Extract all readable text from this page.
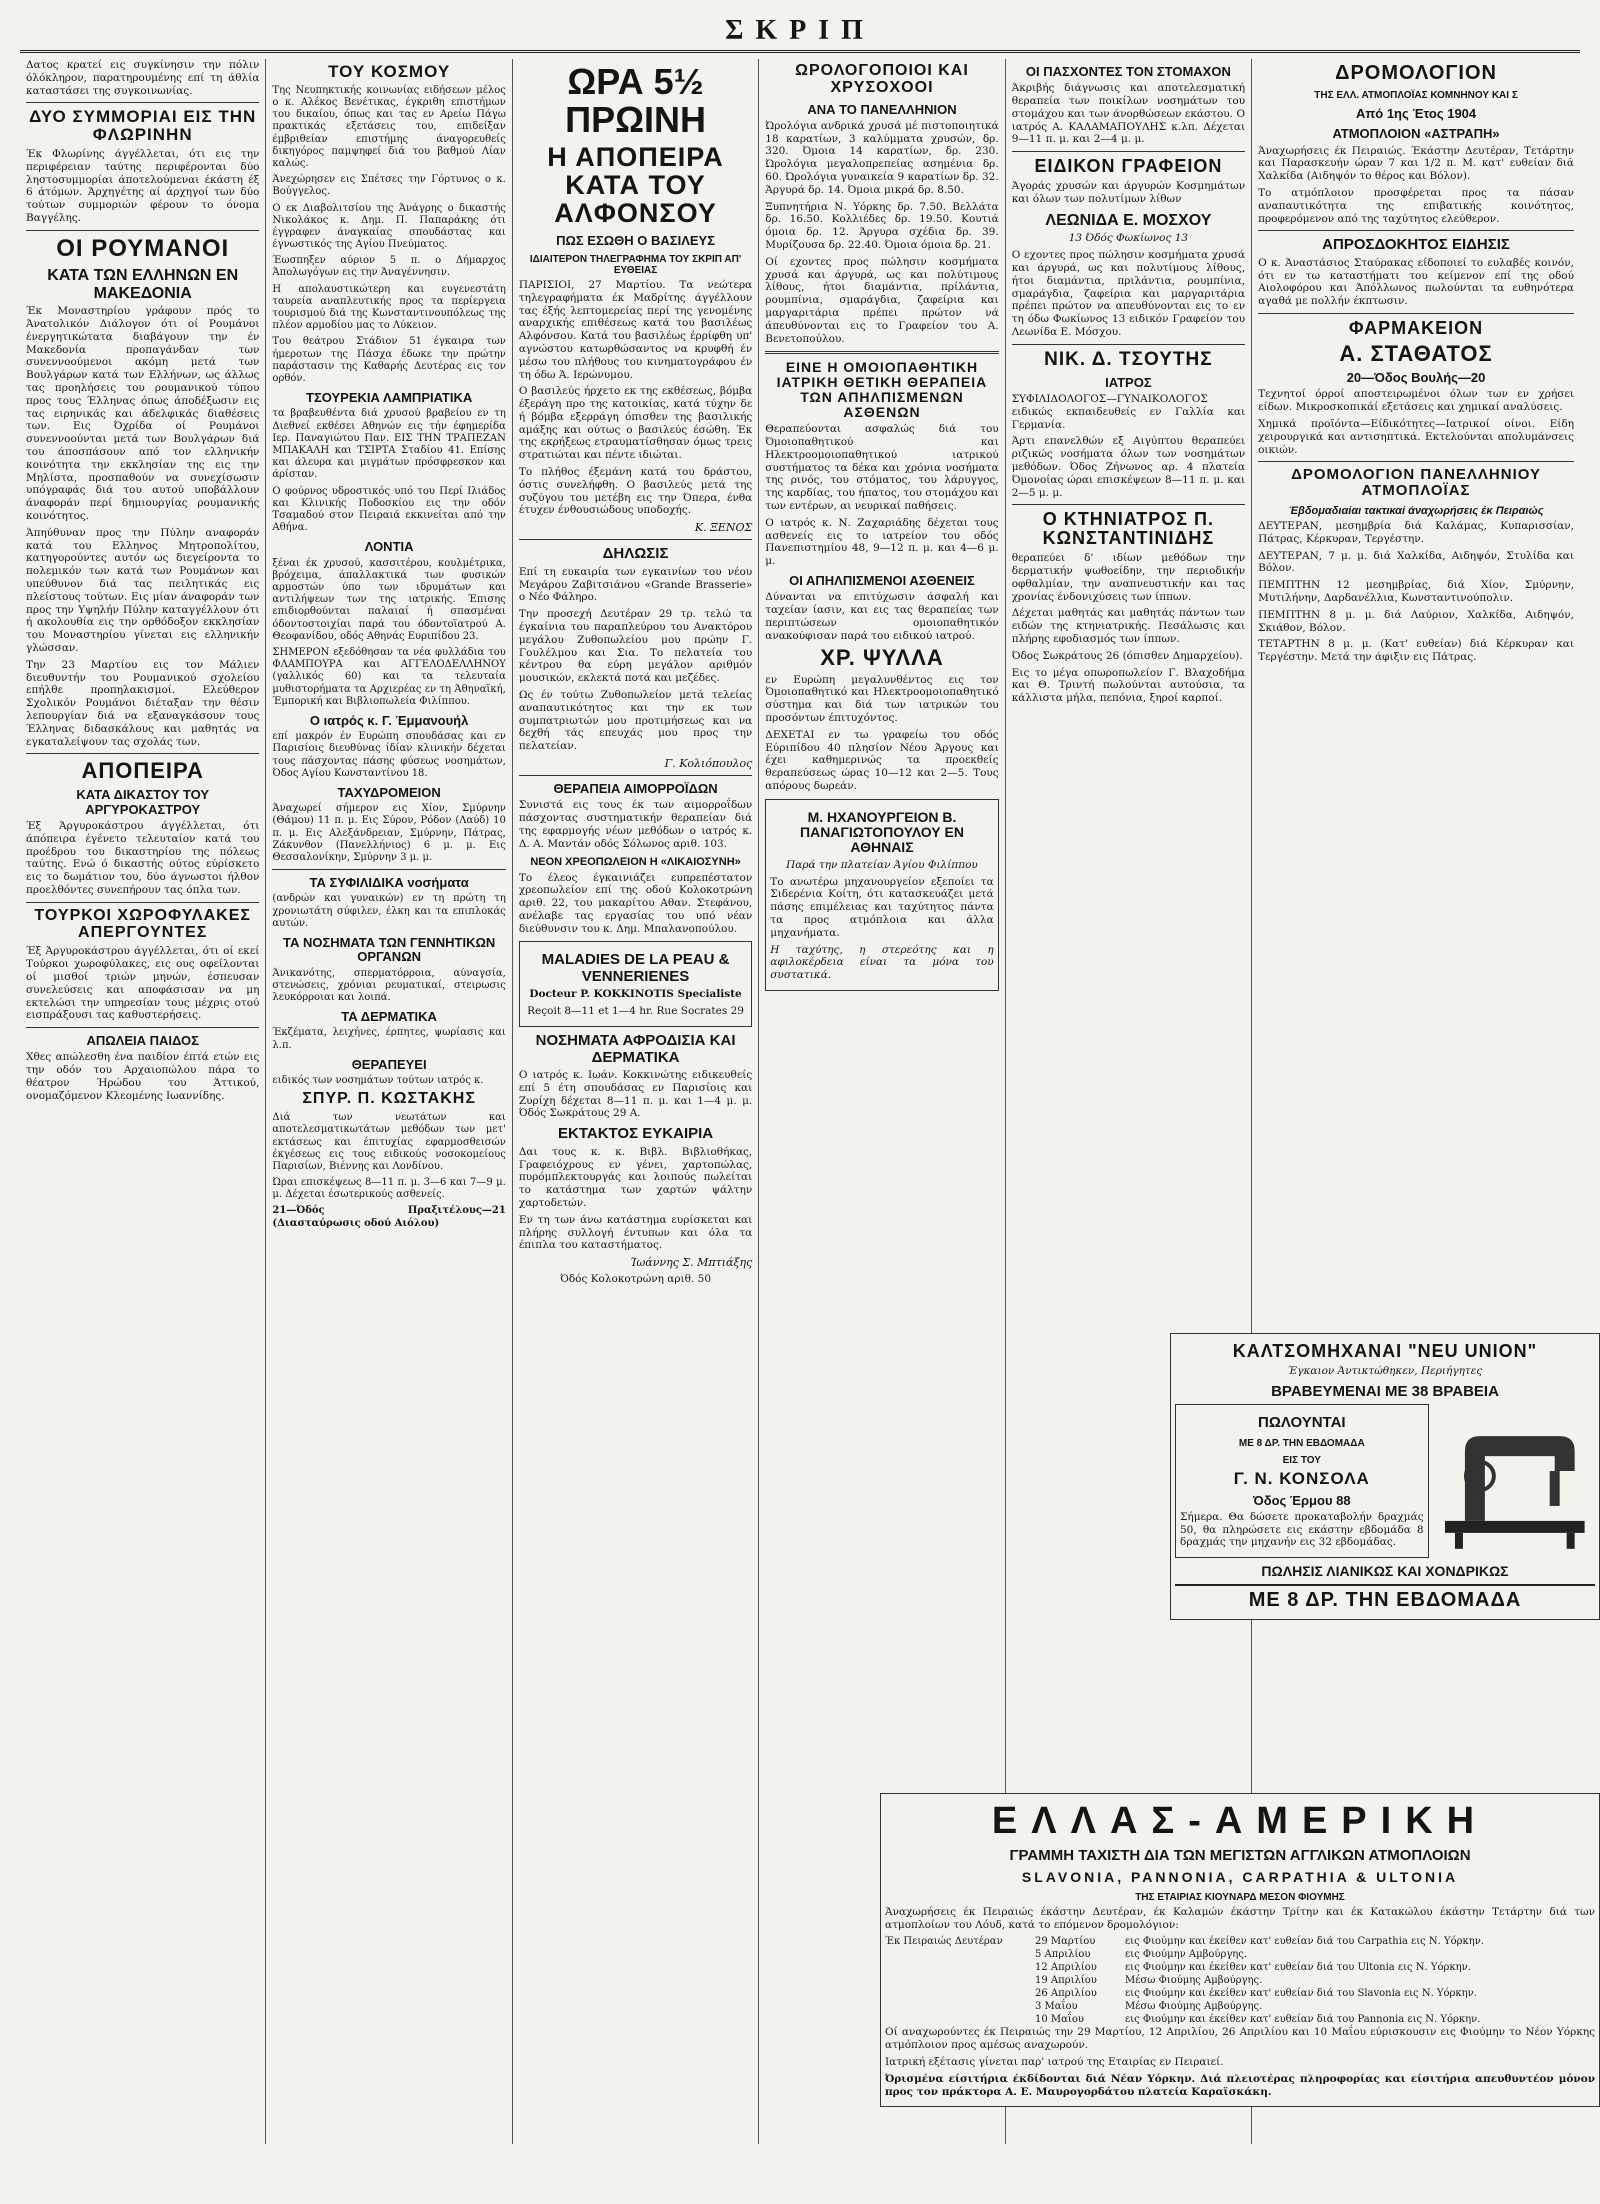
ΣΚΡΙΠ

Δατος κρατεί εις συγκίνησιν την πόλιν όλόκληρον, παρατηρουμένης επί τη άθλία καταστάσει της συγκοινωνίας.

ΔΥΟ ΣΥΜΜΟΡΙΑΙ ΕΙΣ ΤΗΝ ΦΛΩΡΙΝΗΝ

Έκ Φλωρίνης άγγέλλεται, ότι εις την περιφέρειαν ταύτης περιφέρονται δύο ληστοσυμμορίαι άποτελούμεναι έκάστη έξ 6 άτόμων. Άρχηγέτης αί άρχηγοί των δύο τούτων συμμοριών φέρουν το όνομα Βαγγέλης.

ΟΙ ΡΟΥΜΑΝΟΙ
ΚΑΤΑ ΤΩΝ ΕΛΛΗΝΩΝ ΕΝ ΜΑΚΕΔΟΝΙΑ

Έκ Μοναστηρίου γράφουν πρός το Άνατολικόν Διάλογον ότι οί Ρουμάνοι ένεργητικώτατα διαβάγουν την έν Μακεδονία προπαγάνδαν των συνεννοούμενοι ακόμη μετά των Βουλγάρων κατά των Ελλήνων, ως άλλως τας προηλήσεις του ρουμανικού τύπου προς τους Έλληνας όπως άποδέξωσιν εις τας ειρηνικάς και άδελφικάς διαθέσεις των. Εις Όχρίδα οί Ρουμάνοι συνεννοούνται μετά των Βουλγάρων διά του άποσπάσουν από τον ελληνικήν κοινότητα την εκκλησίαν της εις την Μηλίστα, προσπαθούν να συνεχίσωσιν υπόγραφάς διά του αυτού υποβάλλουν άναφοράν περί δημιουργίας ρουμανικής κοινότητος.

Άπηύθυναν προς την Πύλην αναφοράν κατά του Ελληνος Μητροπολίτου, κατηγορούντες αυτόν ως διεγείροντα το πολεμικόν των κατά των Ρουμάνων και υπεύθυνον διά τας πειλητικάς εις πλείστους τούτων. Εις μίαν άναφοράν των προς την Υψηλήν Πύλην καταγγέλλουν ότι ή ακολουθία εις την ορθόδοξον εκκλησίαν του Μοναστηρίου γίνεται εις ελληνικήν γλώσσαν.

Την 23 Μαρτίου εις τον Μάλιεν διευθυντήν του Ρουμανικού σχολείου επήλθε προπηλακισμοί. Ελεύθερον Σχολικόν Ρουμάνοι διέταξαν την θέσιν λεπουργίαν διά να εξαναγκάσουν τους Έλληνας διδασκάλους και μαθητάς να εγκαταλείψουν τας σχολάς των.

ΑΠΟΠΕΙΡΑ
ΚΑΤΑ ΔΙΚΑΣΤΟΥ ΤΟΥ ΑΡΓΥΡΟΚΑΣΤΡΟΥ

Έξ Άργυροκάστρου άγγέλλεται, ότι άπόπειρα έγένετο τελευταίον κατά του προέδρου του δικαστηρίου της πόλεως ταύτης. Ενώ ό δικαστής ούτος εύρίσκετο εις το δωμάτιον του, δύο άγνωστοι ήλθον προελθόντες συνεπήρουν τας όπλα των.

ΤΟΥΡΚΟΙ ΧΩΡΟΦΥΛΑΚΕΣ ΑΠΕΡΓΟΥΝΤΕΣ

Έξ Άργυροκάστρου άγγέλλεται, ότι οί εκεί Τούρκοι χωροφύλακες, εις ους οφείλονται οί μισθοί τριών μηνών, έσπευσαν συνελεύσεις και αποφάσισαν να μη εκτελώσι την υπηρεσίαν τους μέχρις οτού εισπράξουσι τας καθυστερήσεις.

ΑΠΩΛΕΙΑ ΠΑΙΔΟΣ

Χθες απώλεσθη ένα παιδίον έπτά ετών εις την οδόν του Αρχαιοπώλου πάρα το θέατρον Ήρώδου του Άττικού, ονομαζόμενον Κλεομένης Ιωαννίδης.

ΤΟΥ ΚΟΣΜΟΥ

Της Νευπηκτικής κοινωνίας ειδήσεων μέλος ο κ. Αλέκος Βενέτικας, έγκριθη επιστήμων του δικαίου, όπως και τας εν Αρείω Πάγω πρακτικάς εξετάσεις του, επιδείξαν έμβριθείαν επιστήμης άναγορευθείς δικηγόρος παμψηφεί διά του βαθμού Λίαν καλώς.

Άνεχώρησεν εις Σπέτσες την Γόρτυνος ο κ. Βούγγελος.

Ο εκ Διαβολιτσίου της Άνάγρης ο δικαστής Νικολάκος κ. Δημ. Π. Παπαράκης ότι έγγραφεν άναγκαίας σπουδάστας και έγνωστικός της Αγίου Πνεύματος.

Έωσπηξεν αύριον 5 π. ο Δήμαρχος Άπολωγόγων εις την Άναγέννησιν.

Η απολαυστικώτερη και ευγενεστάτη ταυρεία αναπλευτικής προς τα περίεργεια τουρισμού διά της Κωνσταντινουπόλεως της πλέον αρμοδίου μας το Λύκειον.

Του θεάτρου Στάδιον 51 έγκαιρα των ήμεροτων της Πάσχα έδωκε την πρώτην παράστασιν της Καθαρής Δευτέρας εις τον ορθόν.

ΤΣΟΥΡΕΚΙΑ ΛΑΜΠΡΙΑΤΙΚΑ

τα βραβευθέντα διά χρυσού βραβείου εν τη Διεθνεί εκθέσει Αθηνών εις τήν έφημερίδα Ιερ. Παναγιώτου Παν. ΕΙΣ ΤΗΝ ΤΡΑΠΕΖΑΝ ΜΠΑΚΑΛΗ και ΤΣΙΡΤΑ Σταδίου 41. Επίσης και άλευρα και μιγμάτων πρόσφρεσκον και άρίσταν.

Ο φούρνος υδροστικός υπό του Περί Ιλιάδος και Κλινικής Ποδοσκίου εις την οδόν Τσαμαδού στον Πειραιά εκκινείται από την Αθήνα.

ΛΟΝΤΙΑ

ξέναι έκ χρυσού, κασσιτέρου, κουλμέτρικα, βρόχειμα, άπαλλακτικά των φυσικών αρμοστών ύπο των ιδρυμάτων και αντιλήψεων των της ιατρικής. Έπισης επιδιορθούνται παλαιαί ή σπασμέναι όδοντοστοιχίαι παρά του όδοντοϊατρού Α. Θεοφανίδου, οδός Αθηνάς Ευριπίδου 23.

ΣΗΜΕΡΟΝ εξεδόθησαν τα νέα φυλλάδια του ΦΛΑΜΠΟΥΡΑ και ΑΓΓΕΛΟΔΕΛΛΗΝΟΥ (γαλλικός 60) και τα τελευταία μυθιστορήματα τα Αρχιερέας εν τη Άθηναϊκή, Έμπορική και Βιβλιοπωλεία Φιλίππου.

Ο ιατρός κ. Γ. Έμμανουήλ

επί μακρόν έν Ευρώπη σπουδάσας και εν Παρισίοις διευθύνας ίδίαν κλινικήν δέχεται τους πάσχοντας πάσης φύσεως νοσημάτων, Όδος Αγίου Κωνσταντίνου 18.

ΤΑΧΥΔΡΟΜΕΙΟΝ

Άναχωρεί σήμερον εις Χίον, Σμύρνην (Θάμου) 11 π. μ. Εις Σύρον, Ρόδον (Λαύδ) 10 π. μ. Εις Αλεξάνδρειαν, Σμύρνην, Πάτρας, Ζάκυνθον (Πανελλήνιος) 6 μ. μ. Εις Θεσσαλονίκην, Σμύρνην 3 μ. μ.

ΤΑ ΣΥΦΙΛΙΔΙΚΑ νοσήματα

(ανδρών και γυναικών) εν τη πρώτη τη χρονιωτάτη σύφιλεν, έλκη και τα επιπλοκάς αυτών.

ΤΑ ΝΟΣΗΜΑΤΑ ΤΩΝ ΓΕΝΝΗΤΙΚΩΝ ΟΡΓΑΝΩΝ

Άνικανότης, σπερματόρροια, αύναγσία, στενώσεις, χρόνιαι ρευματικαί, στειρωσις λευκόρροιαι και λοιπά.

ΤΑ ΔΕΡΜΑΤΙΚΑ

Έκζέματα, λειχήνες, έρπητες, ψωρίασις και λ.π.

ΘΕΡΑΠΕΥΕΙ

ειδικός των νοσημάτων τούτων ιατρός κ.

ΣΠΥΡ. Π. ΚΩΣΤΑΚΗΣ

Διά των νεωτάτων και αποτελεσματικωτάτων μεθόδων των μετ' εκτάσεως και έπιτυχίας εφαρμοσθεισών έκγέσεως εις τους ειδικούς νοσοκομείους Παρισίων, Βιέννης και Λονδίνου.

Ώραι επισκέψεως 8—11 π. μ. 3—6 και 7—9 μ. μ. Δέχεται έσωτερικούς ασθενείς.

21—Όδός Πραξιτέλους—21 (Διασταύρωσις οδού Αιόλου)

ΩΡΑ 5½ ΠΡΩΙΝΗ
Η ΑΠΟΠΕΙΡΑ ΚΑΤΑ ΤΟΥ ΑΛΦΟΝΣΟΥ
ΠΩΣ ΕΣΩΘΗ Ο ΒΑΣΙΛΕΥΣ
ΙΔΙΑΙΤΕΡΟΝ ΤΗΛΕΓΡΑΦΗΜΑ ΤΟΥ ΣΚΡΙΠ ΑΠ' ΕΥΘΕΙΑΣ

ΠΑΡΙΣΙΟΙ, 27 Μαρτίου. Τα νεώτερα τηλεγραφήματα έκ Μαδρίτης άγγέλλουν τας έξής λεπτομερείας περί της γενομένης αναρχικής επιθέσεως κατά του βασιλέως Αλφόνσου. Κατά του βασιλέως έρρίφθη υπ' αγνώστου κατωρθώσαντος να κρυφθή έν μέσω του πλήθους του κινηματογράφου έν τη όδω Ά. Ιερώνυμου.

Ο βασιλεύς ήρχετο εκ της εκθέσεως, βόμβα έξεράγη προ της κατοικίας, κατά τύχην δε ή βόμβα εξερράγη όπισθεν της βασιλικής αμάξης και ούτως ο βασιλεύς έσώθη. Έκ της εκρήξεως ετραυματίσθησαν όμως τρεις στρατιώται και πέντε ιδιώται.

Το πλήθος έξεμάνη κατά του δράστου, όστις συνελήφθη. Ο βασιλεύς μετά της συζύγου του μετέβη εις την Όπερα, ένθα έτυχεν ένθουσιώδους υποδοχής.

Κ. ΞΕΝΟΣ
ΔΗΛΩΣΙΣ

Επί τη ευκαιρία των εγκαινίων του νέου Μεγάρου Ζαβιτσιάνου «Grande Brasserie» ο Νέο Φάληρο.

Την προσεχή Δευτέραν 29 τρ. τελώ τα έγκαίνια του παραπλεύρου του Ανακτόρου μεγάλου Ζυθοπωλείου μου πρώην Γ. Γουλέλμου και Σια. Το πελατεία του κέντρου θα εύρη μεγάλον αριθμόν μουσικών, εκλεκτά ποτά και μεζέδες.

Ως έν τούτω Ζυθοπωλείον μετά τελείας αναπαυτικότητος και την εκ των συμπατριωτών μου προτιμήσεως και να δεχθή τάς επευχάς μου προς την πελατείαν.

Γ. Κολιόπουλος
ΘΕΡΑΠΕΙΑ ΑΙΜΟΡΡΟΪΔΩΝ

Συνιστά εις τους έκ των αιμορροΐδων πάσχοντας συστηματικήν θεραπείαν διά της εφαρμογής νέων μεθόδων ο ιατρός κ. Δ. Α. Μαντάν οδός Σόλωνος αριθ. 103.

ΝΕΟΝ ΧΡΕΟΠΩΛΕΙΟΝ Η «ΛΙΚΑΙΟΣΥΝΗ»

Το έλεος έγκαινιάζει ευπρεπέστατον χρεοπωλείον επί της οδού Κολοκοτρώνη αριθ. 22, του μακαρίτου Αθαν. Στεφάνου, ανέλαβε τας εργασίας του υπό νέαν διεύθυνσιν του κ. Δημ. Μπαλανοπούλου.

MALADIES DE LA PEAU & VENNERIENES

Docteur P. KOKKINOTIS Specialiste

Reçoit 8—11 et 1—4 hr. Rue Socrates 29

ΝΟΣΗΜΑΤΑ ΑΦΡΟΔΙΣΙΑ ΚΑΙ ΔΕΡΜΑΤΙΚΑ

Ο ιατρός κ. Ιωάν. Κοκκινώτης ειδικευθείς επί 5 έτη σπουδάσας εν Παρισίοις και Ζυρίχη δέχεται 8—11 π. μ. και 1—4 μ. μ. Όδός Σωκράτους 29 Α.

ΕΚΤΑΚΤΟΣ ΕΥΚΑΙΡΙΑ

Δαι τους κ. κ. Βιβλ. Βιβλιοθήκας, Γραφειόχρους εν γένει, χαρτοπώλας, πυρόμπλεκτουργάς και λοιπούς πωλείται το κατάστημα των χαρτών ψάλτην χαρτοδετών.

Εν τη των άνω κατάστημα ευρίσκεται και πλήρης συλλογή έντυπων και όλα τα έπιπλα του καταστήματος.

Ίωάννης Σ. Μπτιάξης

Όδός Κολοκοτρώνη αριθ. 50

ΩΡΟΛΟΓΟΠΟΙΟΙ ΚΑΙ ΧΡΥΣΟΧΟΟΙ
ΑΝΑ ΤΟ ΠΑΝΕΛΛΗΝΙΟΝ

Ώρολόγια ανδρικά χρυσά μέ πιστοποιητικά 18 καρατίων, 3 καλύμματα χρυσών, δρ. 320. Όμοια 14 καρατίων, δρ. 230. Ώρολόγια μεγαλοπρεπείας ασημένια δρ. 60. Ώρολόγια γυναικεία 9 καρατίων δρ. 32. Άργυρά δρ. 14. Όμοια μικρά δρ. 8.50.

Ξυπνητήρια Ν. Υόρκης δρ. 7.50. Βελλάτα δρ. 16.50. Κολλιέδες δρ. 19.50. Κουτιά όμοια δρ. 12. Άργυρα σχέδια δρ. 39. Μυρίζουσα δρ. 22.40. Όμοια όμοια δρ. 21.

Οί εχοντες προς πώλησιν κοσμήματα χρυσά και άργυρά, ως και πολύτιμους λίθους, ήτοι διαμάντια, πρίλάντια, ρουμπίνια, σμαράγδια, ζαφείρια και μαργαριτάρια πρέπει πρώτον νά άπευθύνονται εις το Γραφείον του Α. Βενετοπούλου.

ΕΙΝΕ Η ΟΜΟΙΟΠΑΘΗΤΙΚΗ ΙΑΤΡΙΚΗ ΘΕΤΙΚΗ ΘΕΡΑΠΕΙΑ ΤΩΝ ΑΠΗΛΠΙΣΜΕΝΩΝ ΑΣΘΕΝΩΝ

Θεραπεύονται ασφαλώς διά του Όμοιοπαθητικού και Ηλεκτροομοιοπαθητικού ιατρικού συστήματος τα δέκα και χρόνια νοσήματα της ρινός, του στόματος, του λάρυγγος, της καρδίας, του ήπατος, του στομάχου και των εντέρων, αι νευρικαί παθήσεις.

Ο ιατρός κ. Ν. Ζαχαριάδης δέχεται τους ασθενείς εις το ιατρείον του οδός Πανεπιστημίου 48, 9—12 π. μ. και 4—6 μ. μ.

ΟΙ ΑΠΗΛΠΙΣΜΕΝΟΙ ΑΣΘΕΝΕΙΣ

Δύνανται να επιτύχωσιν άσφαλή και ταχείαν ίασιν, και εις τας θεραπείας των περιπτώσεων ομοιοπαθητικόν ανακούφισαν παρά του ειδικού ιατρού.

ΧΡ. ΨΥΛΛΑ

εν Ευρώπη μεγαλυνθέντος εις τον Όμοιοπαθητικό και Ηλεκτροομοιοπαθητικό σύστημα και διά των ιατρικών του προσόντων έπιτυχόντος.

ΔΕΧΕΤΑΙ εν τω γραφείω του οδός Εύριπίδου 40 πλησίον Νέου Άργους και έχει καθημερινώς τα προεκθείς θεραπεύσεως ώρας 10—12 και 2—5. Τους απόρους δωρεάν.

Μ. ΗΧΑΝΟΥΡΓΕΙΟΝ Β. ΠΑΝΑΓΙΩΤΟΠΟΥΛΟΥ ΕΝ ΑΘΗΝΑΙΣ

Παρά την πλατείαν Άγίου Φιλίππου

Το ανωτέρω μηχανουργείον εξεποίει τα Σιδερένια Κοίτη, ότι κατασκευάζει μετά πάσης επιμέλειας και ταχύτητος πάντα τα προς ατμόπλοια και άλλα μηχανήματα.

Η ταχύτης, η στερεότης και η αφιλοκέρδεια είναι τα μόνα του συστατικά.

ΟΙ ΠΑΣΧΟΝΤΕΣ ΤΟΝ ΣΤΟΜΑΧΟΝ

Άκριβής διάγνωσις και αποτελεσματική θεραπεία των ποικίλων νοσημάτων του στομάχου και των άνορθώσεων εκάστου. Ο ιατρός Α. ΚΑΛΑΜΑΠΟΥΛΗΣ κ.λπ. Δέχεται 9—11 π. μ. και 2—4 μ. μ.

ΕΙΔΙΚΟΝ ΓΡΑΦΕΙΟΝ

Άγοράς χρυσών και άργυρών Κοσμημάτων και όλων των πολυτίμων λίθων

ΛΕΩΝΙΔΑ Ε. ΜΟΣΧΟΥ

13 Όδός Φωκίωνος 13

Ο εχοντες προς πώλησιν κοσμήματα χρυσά και άργυρά, ως και πολυτίμους λίθους, ήτοι διαμάντια, πριλάντια, ρουμπίνια, σμαράγδια, ζαφείρια και μαργαριτάρια πρέπει πρώτον να απευθύνονται εις το εν τη όδω Φωκίωνος 13 ειδικόν Γραφείον του Λεωνίδα Ε. Μόσχου.

ΝΙΚ. Δ. ΤΣΟΥΤΗΣ
ΙΑΤΡΟΣ

ΣΥΦΙΛΙΔΟΛΟΓΟΣ—ΓΥΝΑΙΚΟΛΟΓΟΣ ειδικώς εκπαιδευθείς εν Γαλλία και Γερμανία.

Άρτι επανελθών εξ Αιγύπτου θεραπεύει ριζικώς νοσήματα όλων των νοσημάτων μεθόδων. Όδος Ζήνωνος αρ. 4 πλατεία Όμονοίας ώραι επισκέψεων 8—11 π. μ. και 2—5 μ. μ.

Ο ΚΤΗΝΙΑΤΡΟΣ Π. ΚΩΝΣΤΑΝΤΙΝΙΔΗΣ

θεραπεύει δ' ιδίων μεθόδων την δερματικήν ψωθοείδην, την περιοδικήν οφθαλμίαν, την αναπνευστικήν και τας χρονίας ένδονιχύσεις των ίππων.

Δέχεται μαθητάς και μαθητάς πάντων των ειδών της κτηνιατρικής. Πεσάλωσις και πλήρης εφοδιασμός των ίππων.

Όδος Σωκράτους 26 (όπισθεν Δημαρχείου).

Εις το μέγα οπωροπωλείον Γ. Βλαχοδήμα και Θ. Τριντή πωλούνται αυτούσια, τα κάλλιστα μήλα, πεπόνια, ξηροί καρποί.

ΔΡΟΜΟΛΟΓΙΟΝ
ΤΗΣ ΕΛΛ. ΑΤΜΟΠΛΟΪΑΣ ΚΟΜΝΗΝΟΥ ΚΑΙ Σ
Από 1ης Έτος 1904
ΑΤΜΟΠΛΟΙΟΝ «ΑΣΤΡΑΠΗ»

Άναχωρήσεις έκ Πειραιώς. Έκάστην Δευτέραν, Τετάρτην και Παρασκευήν ώραν 7 και 1/2 π. Μ. κατ' ευθείαν διά Χαλκίδα (Αιδηψόν το θέρος και Βόλον).

Το ατμόπλοιον προσφέρεται προς τα πάσαν αναπαυτικότητα της επιβατικής κοινότητος, προφερόμενον από της ταχύτητος ελεύθερον.

ΑΠΡΟΣΔΟΚΗΤΟΣ ΕΙΔΗΣΙΣ

Ο κ. Άναστάσιος Σταύρακας είδοποιεί το ευλαβές κοινόν, ότι εν τω καταστήματι του κείμενον επί της οδού Αιολοφόρου και Άπόλλωνος πωλούνται τα ευθηνότερα αγαθά με πολλήν έκπτωσιν.

ΦΑΡΜΑΚΕΙΟΝ
Α. ΣΤΑΘΑΤΟΣ
20—Όδος Βουλής—20

Τεχνητοί όρροί αποστειρωμένοι όλων των εν χρήσει είδων. Μικροσκοπικάί εξετάσεις και χημικαί αναλύσεις.

Χημικά προϊόντα—Είδικότητες—Ιατρικοί οίνοι. Είδη χειρουργικά και αντισηπτικά. Εκτελούνται απολυμάνσεις οικιών.

ΔΡΟΜΟΛΟΓΙΟΝ ΠΑΝΕΛΛΗΝΙΟΥ ΑΤΜΟΠΛΟΪΑΣ
Έβδομαδιαίαι τακτικαί άναχωρήσεις έκ Πειραιώς

ΔΕΥΤΕΡΑΝ, μεσημβρία διά Καλάμας, Κυπαρισσίαν, Πάτρας, Κέρκυραν, Τεργέστην.

ΔΕΥΤΕΡΑΝ, 7 μ. μ. διά Χαλκίδα, Αιδηψόν, Στυλίδα και Βόλον.

ΠΕΜΠΤΗΝ 12 μεσημβρίας, διά Χίον, Σμύρνην, Μυτιλήνην, Δαρδανέλλια, Κωνσταντινούπολιν.

ΠΕΜΠΤΗΝ 8 μ. μ. διά Λαύριον, Χαλκίδα, Αιδηψόν, Σκιάθον, Βόλον.

ΤΕΤΑΡΤΗΝ 8 μ. μ. (Κατ' ευθείαν) διά Κέρκυραν και Τεργέστην. Μετά την άφιξιν εις Πάτρας.

ΚΑΛΤΣΟΜΗΧΑΝΑΙ "NEU UNION"

Έγκαιον Άντικτώθηκεν, Περιήγητες

ΒΡΑΒΕΥΜΕΝΑΙ ΜΕ 38 ΒΡΑΒΕΙΑ
ΠΩΛΟΥΝΤΑΙ
ΜΕ 8 ΔΡ. ΤΗΝ ΕΒΔΟΜΑΔΑ
ΕΙΣ ΤΟΥ
Γ. Ν. ΚΟΝΣΟΛΑ
Όδος Έρμου 88

Σήμερα. Θα δώσετε προκαταβολήν δραχμάς 50, θα πληρώσετε εις εκάστην εβδομάδα 8 δραχμάς την μηχανήν εις 32 εβδομάδας.

ΠΩΛΗΣΙΣ ΛΙΑΝΙΚΩΣ ΚΑΙ ΧΟΝΔΡΙΚΩΣ
ΜΕ 8 ΔΡ. ΤΗΝ ΕΒΔΟΜΑΔΑ
ΕΛΛΑΣ-ΑΜΕΡΙΚΗ
ΓΡΑΜΜΗ ΤΑΧΙΣΤΗ ΔΙΑ ΤΩΝ ΜΕΓΙΣΤΩΝ ΑΓΓΛΙΚΩΝ ΑΤΜΟΠΛΟΙΩΝ
SLAVONIA, PANNONIA, CARPATHIA & ULTONIA
ΤΗΣ ΕΤΑΙΡΙΑΣ ΚΙΟΥΝΑΡΔ ΜΕΣΟΝ ΦΙΟΥΜΗΣ

Άναχωρήσεις έκ Πειραιώς έκάστην Δευτέραν, έκ Καλαμών έκάστην Τρίτην και έκ Κατακώλου έκάστην Τετάρτην διά των ατμοπλοίων του Λόυδ, κατά το επόμενον δρομολόγιον:

Έκ Πειραιώς Δευτέραν	29 Μαρτίου	εις Φιούμην και έκείθεν κατ' ευθείαν διά του Carpathia εις Ν. Υόρκην.
5 Απριλίου	εις Φιούμην Αμβούργης.
12 Απριλίου	εις Φιούμην και έκείθεν κατ' ευθείαν διά του Ultonia εις Ν. Υόρκην.
19 Απριλίου	Μέσω Φιούμης Αμβούργης.
26 Απριλίου	εις Φιούμην και έκείθεν κατ' ευθείαν διά του Slavonia εις Ν. Υόρκην.
3 Μαΐου	Μέσω Φιούμης Αμβούργης.
10 Μαΐου	εις Φιούμην και έκείθεν κατ' ευθείαν διά του Pannonia εις Ν. Υόρκην.

Οί αναχωρούντες έκ Πειραιώς την 29 Μαρτίου, 12 Απριλίου, 26 Απριλίου και 10 Μαΐου εύρισκουσιν εις Φιούμην το Νέον Υόρκης ατμόπλοιον προς αμέσως αναχωρούν.

Ιατρική εξέτασις γίνεται παρ' ιατρού της Εταιρίας εν Πειραιεί.

Όρισμένα είσιτήρια έκδίδονται διά Νέαν Υόρκην. Διά πλειοτέρας πληροφορίας και είσιτήρια απευθυντέον μόνον προς τον πράκτορα Α. Ε. Μαυρογορδάτου πλατεία Καραϊσκάκη.
